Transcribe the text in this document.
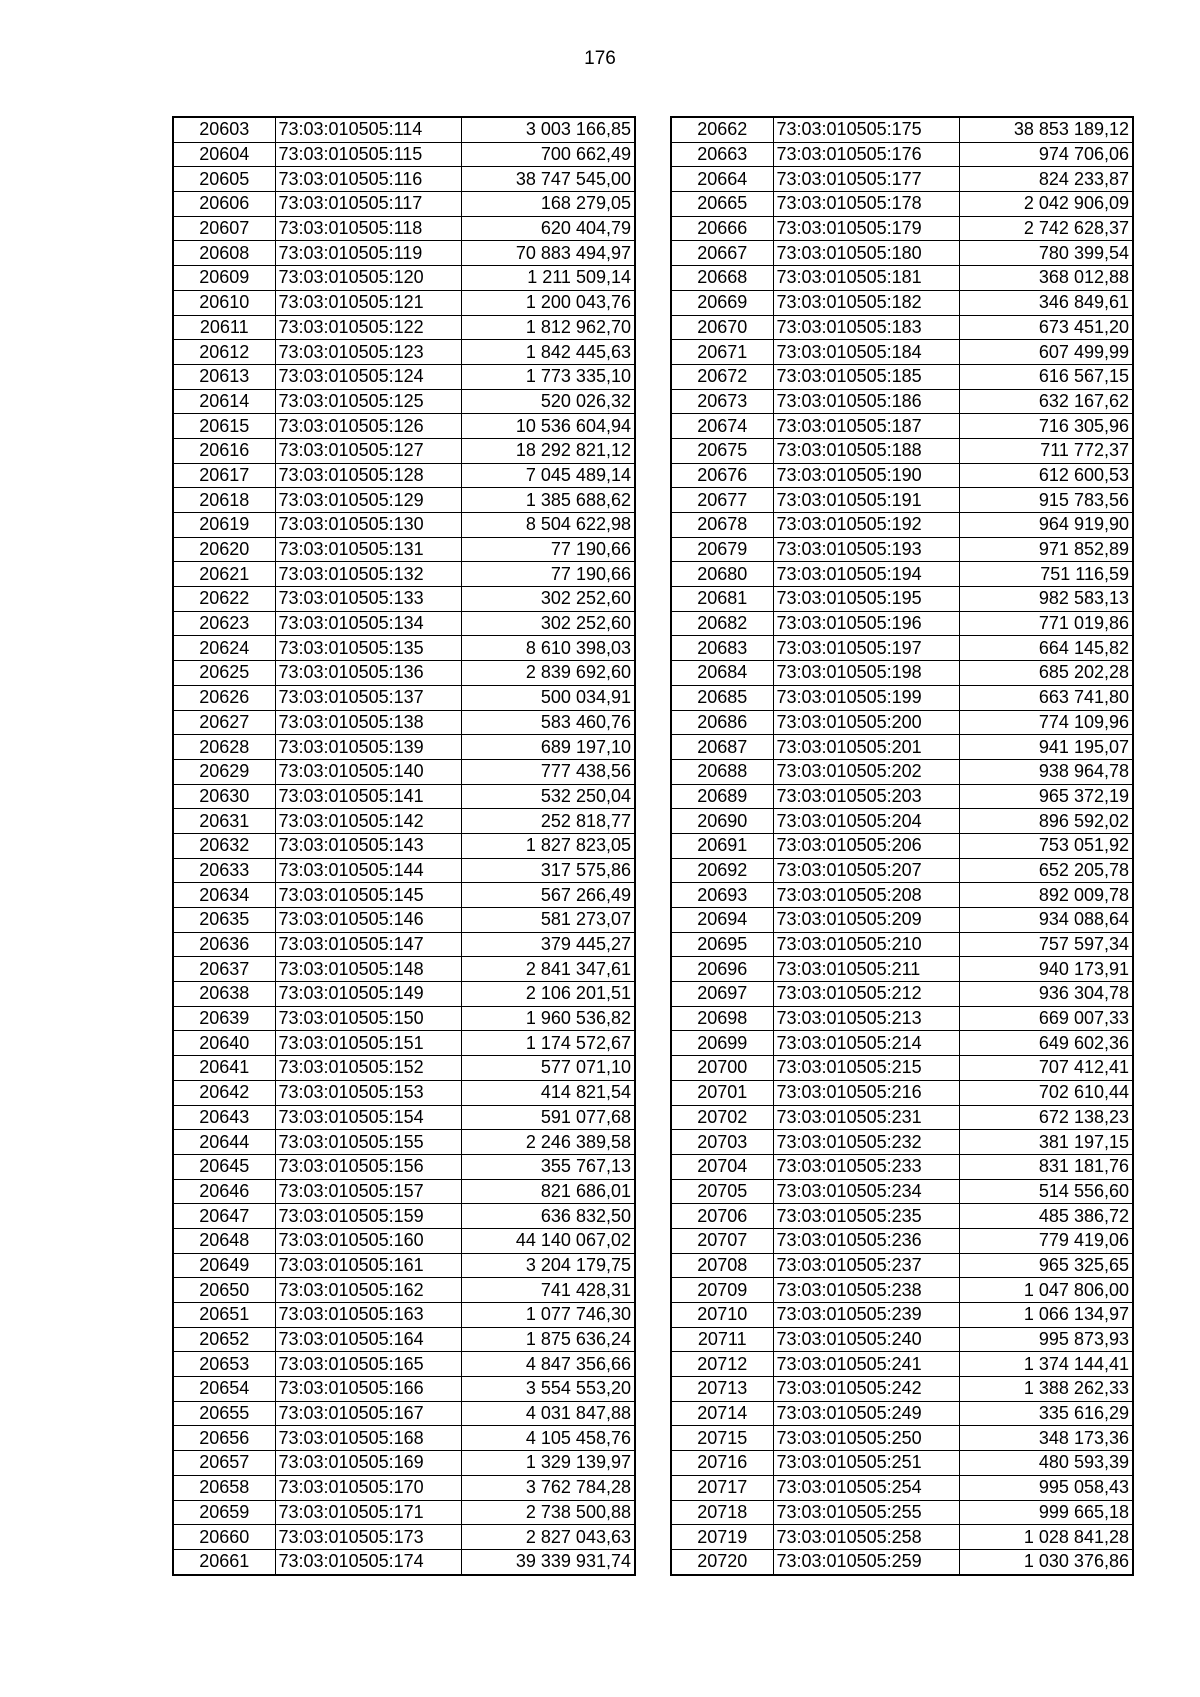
176
20603	73:03:010505:114	3 003 166,85
20604	73:03:010505:115	700 662,49
20605	73:03:010505:116	38 747 545,00
20606	73:03:010505:117	168 279,05
20607	73:03:010505:118	620 404,79
20608	73:03:010505:119	70 883 494,97
20609	73:03:010505:120	1 211 509,14
20610	73:03:010505:121	1 200 043,76
20611	73:03:010505:122	1 812 962,70
20612	73:03:010505:123	1 842 445,63
20613	73:03:010505:124	1 773 335,10
20614	73:03:010505:125	520 026,32
20615	73:03:010505:126	10 536 604,94
20616	73:03:010505:127	18 292 821,12
20617	73:03:010505:128	7 045 489,14
20618	73:03:010505:129	1 385 688,62
20619	73:03:010505:130	8 504 622,98
20620	73:03:010505:131	77 190,66
20621	73:03:010505:132	77 190,66
20622	73:03:010505:133	302 252,60
20623	73:03:010505:134	302 252,60
20624	73:03:010505:135	8 610 398,03
20625	73:03:010505:136	2 839 692,60
20626	73:03:010505:137	500 034,91
20627	73:03:010505:138	583 460,76
20628	73:03:010505:139	689 197,10
20629	73:03:010505:140	777 438,56
20630	73:03:010505:141	532 250,04
20631	73:03:010505:142	252 818,77
20632	73:03:010505:143	1 827 823,05
20633	73:03:010505:144	317 575,86
20634	73:03:010505:145	567 266,49
20635	73:03:010505:146	581 273,07
20636	73:03:010505:147	379 445,27
20637	73:03:010505:148	2 841 347,61
20638	73:03:010505:149	2 106 201,51
20639	73:03:010505:150	1 960 536,82
20640	73:03:010505:151	1 174 572,67
20641	73:03:010505:152	577 071,10
20642	73:03:010505:153	414 821,54
20643	73:03:010505:154	591 077,68
20644	73:03:010505:155	2 246 389,58
20645	73:03:010505:156	355 767,13
20646	73:03:010505:157	821 686,01
20647	73:03:010505:159	636 832,50
20648	73:03:010505:160	44 140 067,02
20649	73:03:010505:161	3 204 179,75
20650	73:03:010505:162	741 428,31
20651	73:03:010505:163	1 077 746,30
20652	73:03:010505:164	1 875 636,24
20653	73:03:010505:165	4 847 356,66
20654	73:03:010505:166	3 554 553,20
20655	73:03:010505:167	4 031 847,88
20656	73:03:010505:168	4 105 458,76
20657	73:03:010505:169	1 329 139,97
20658	73:03:010505:170	3 762 784,28
20659	73:03:010505:171	2 738 500,88
20660	73:03:010505:173	2 827 043,63
20661	73:03:010505:174	39 339 931,74
20662	73:03:010505:175	38 853 189,12
20663	73:03:010505:176	974 706,06
20664	73:03:010505:177	824 233,87
20665	73:03:010505:178	2 042 906,09
20666	73:03:010505:179	2 742 628,37
20667	73:03:010505:180	780 399,54
20668	73:03:010505:181	368 012,88
20669	73:03:010505:182	346 849,61
20670	73:03:010505:183	673 451,20
20671	73:03:010505:184	607 499,99
20672	73:03:010505:185	616 567,15
20673	73:03:010505:186	632 167,62
20674	73:03:010505:187	716 305,96
20675	73:03:010505:188	711 772,37
20676	73:03:010505:190	612 600,53
20677	73:03:010505:191	915 783,56
20678	73:03:010505:192	964 919,90
20679	73:03:010505:193	971 852,89
20680	73:03:010505:194	751 116,59
20681	73:03:010505:195	982 583,13
20682	73:03:010505:196	771 019,86
20683	73:03:010505:197	664 145,82
20684	73:03:010505:198	685 202,28
20685	73:03:010505:199	663 741,80
20686	73:03:010505:200	774 109,96
20687	73:03:010505:201	941 195,07
20688	73:03:010505:202	938 964,78
20689	73:03:010505:203	965 372,19
20690	73:03:010505:204	896 592,02
20691	73:03:010505:206	753 051,92
20692	73:03:010505:207	652 205,78
20693	73:03:010505:208	892 009,78
20694	73:03:010505:209	934 088,64
20695	73:03:010505:210	757 597,34
20696	73:03:010505:211	940 173,91
20697	73:03:010505:212	936 304,78
20698	73:03:010505:213	669 007,33
20699	73:03:010505:214	649 602,36
20700	73:03:010505:215	707 412,41
20701	73:03:010505:216	702 610,44
20702	73:03:010505:231	672 138,23
20703	73:03:010505:232	381 197,15
20704	73:03:010505:233	831 181,76
20705	73:03:010505:234	514 556,60
20706	73:03:010505:235	485 386,72
20707	73:03:010505:236	779 419,06
20708	73:03:010505:237	965 325,65
20709	73:03:010505:238	1 047 806,00
20710	73:03:010505:239	1 066 134,97
20711	73:03:010505:240	995 873,93
20712	73:03:010505:241	1 374 144,41
20713	73:03:010505:242	1 388 262,33
20714	73:03:010505:249	335 616,29
20715	73:03:010505:250	348 173,36
20716	73:03:010505:251	480 593,39
20717	73:03:010505:254	995 058,43
20718	73:03:010505:255	999 665,18
20719	73:03:010505:258	1 028 841,28
20720	73:03:010505:259	1 030 376,86
